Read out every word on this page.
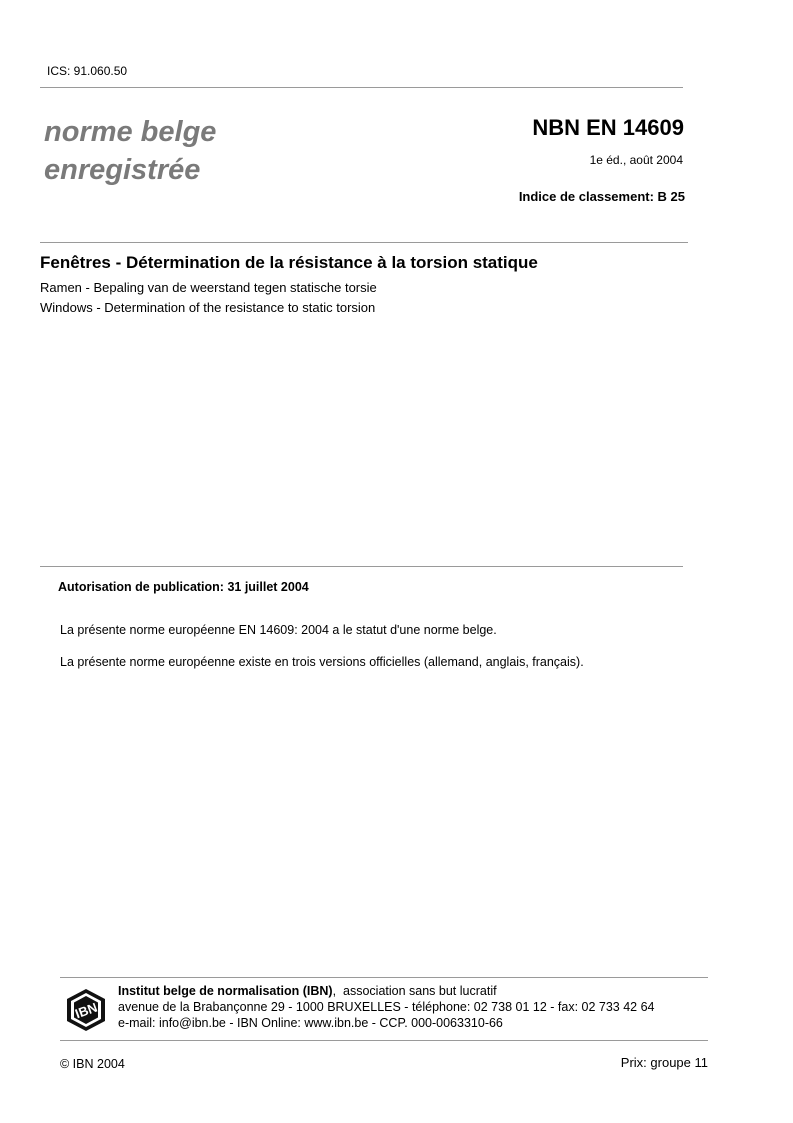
ICS: 91.060.50
norme belge
enregistrée
NBN EN 14609
1e éd., août 2004
Indice de classement: B 25
Fenêtres - Détermination de la résistance à la torsion statique
Ramen - Bepaling van de weerstand tegen statische torsie
Windows - Determination of the resistance to static torsion
Autorisation de publication: 31 juillet 2004
La présente norme européenne EN 14609: 2004 a le statut d'une norme belge.
La présente norme européenne existe en trois versions officielles (allemand, anglais, français).
IBN
Institut belge de normalisation (IBN),  association sans but lucratif
avenue de la Brabançonne 29 - 1000 BRUXELLES - téléphone: 02 738 01 12 - fax: 02 733 42 64
e-mail: info@ibn.be - IBN Online: www.ibn.be - CCP. 000-0063310-66
© IBN 2004	Prix: groupe 11
